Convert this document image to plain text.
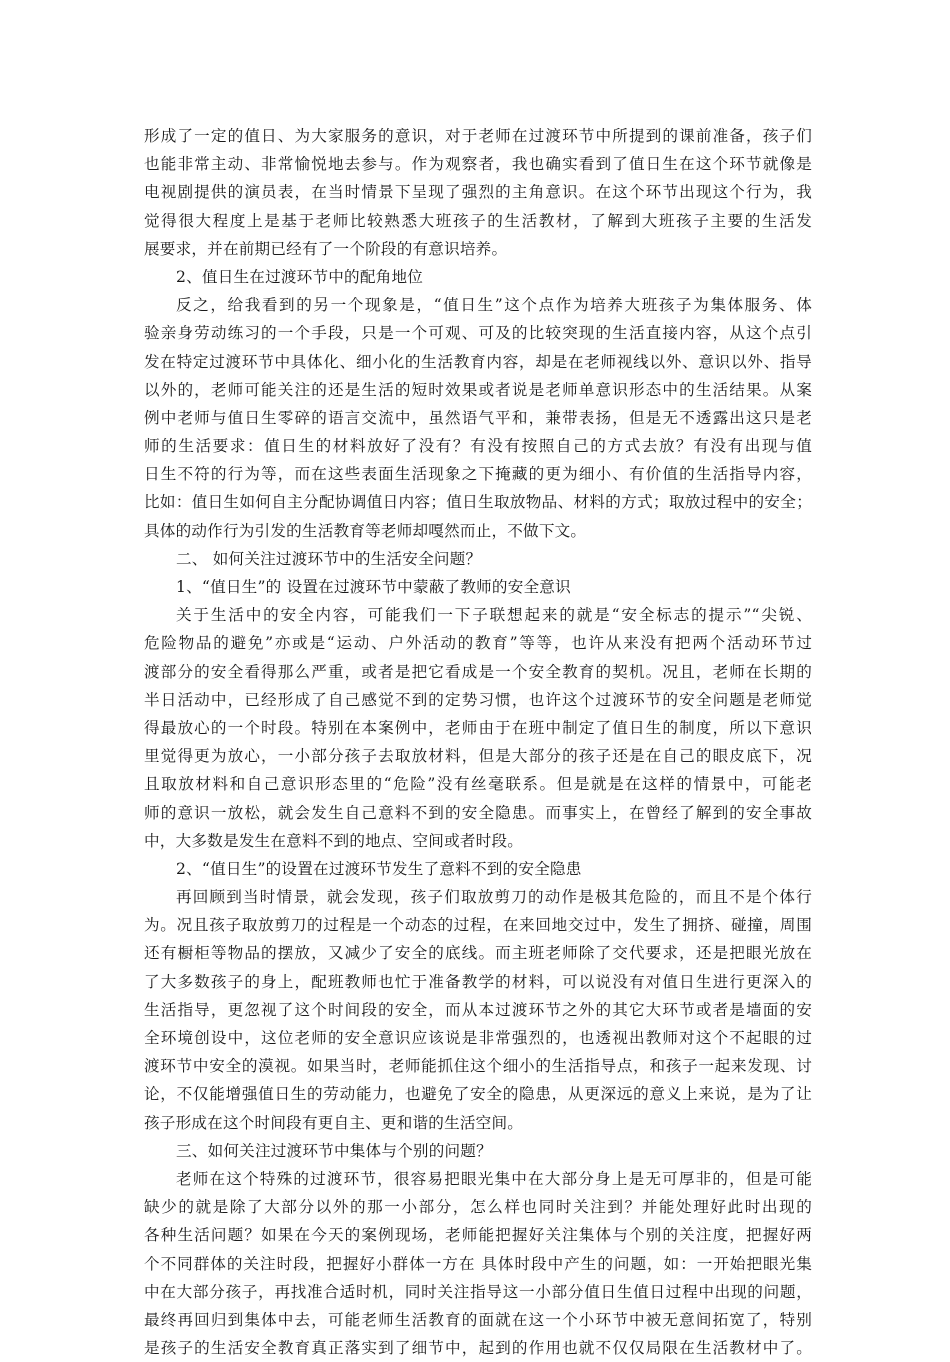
形成了一定的值日、为大家服务的意识，对于老师在过渡环节中所提到的课前准备，孩子们
也能非常主动、非常愉悦地去参与。作为观察者，我也确实看到了值日生在这个环节就像是
电视剧提供的演员表，在当时情景下呈现了强烈的主角意识。在这个环节出现这个行为，我
觉得很大程度上是基于老师比较熟悉大班孩子的生活教材，了解到大班孩子主要的生活发
展要求，并在前期已经有了一个阶段的有意识培养。
2、值日生在过渡环节中的配角地位
反之，给我看到的另一个现象是，“值日生”这个点作为培养大班孩子为集体服务、体
验亲身劳动练习的一个手段，只是一个可观、可及的比较突现的生活直接内容，从这个点引
发在特定过渡环节中具体化、细小化的生活教育内容，却是在老师视线以外、意识以外、指导
以外的，老师可能关注的还是生活的短时效果或者说是老师单意识形态中的生活结果。从案
例中老师与值日生零碎的语言交流中，虽然语气平和，兼带表扬，但是无不透露出这只是老
师的生活要求：值日生的材料放好了没有？有没有按照自己的方式去放？有没有出现与值
日生不符的行为等，而在这些表面生活现象之下掩藏的更为细小、有价值的生活指导内容，
比如：值日生如何自主分配协调值日内容；值日生取放物品、材料的方式；取放过程中的安全；
具体的动作行为引发的生活教育等老师却嘎然而止，不做下文。
二、 如何关注过渡环节中的生活安全问题？
1、“值日生”的 设置在过渡环节中蒙蔽了教师的安全意识
关于生活中的安全内容，可能我们一下子联想起来的就是“安全标志的提示”“尖锐、
危险物品的避免”亦或是“运动、户外活动的教育”等等，也许从来没有把两个活动环节过
渡部分的安全看得那么严重，或者是把它看成是一个安全教育的契机。况且，老师在长期的
半日活动中，已经形成了自己感觉不到的定势习惯，也许这个过渡环节的安全问题是老师觉
得最放心的一个时段。特别在本案例中，老师由于在班中制定了值日生的制度，所以下意识
里觉得更为放心，一小部分孩子去取放材料，但是大部分的孩子还是在自己的眼皮底下，况
且取放材料和自己意识形态里的“危险”没有丝毫联系。但是就是在这样的情景中，可能老
师的意识一放松，就会发生自己意料不到的安全隐患。而事实上，在曾经了解到的安全事故
中，大多数是发生在意料不到的地点、空间或者时段。
2、“值日生”的设置在过渡环节发生了意料不到的安全隐患
再回顾到当时情景，就会发现，孩子们取放剪刀的动作是极其危险的，而且不是个体行
为。况且孩子取放剪刀的过程是一个动态的过程，在来回地交过中，发生了拥挤、碰撞，周围
还有橱柜等物品的摆放，又减少了安全的底线。而主班老师除了交代要求，还是把眼光放在
了大多数孩子的身上，配班教师也忙于准备教学的材料，可以说没有对值日生进行更深入的
生活指导，更忽视了这个时间段的安全，而从本过渡环节之外的其它大环节或者是墙面的安
全环境创设中，这位老师的安全意识应该说是非常强烈的，也透视出教师对这个不起眼的过
渡环节中安全的漠视。如果当时，老师能抓住这个细小的生活指导点，和孩子一起来发现、讨
论，不仅能增强值日生的劳动能力，也避免了安全的隐患，从更深远的意义上来说，是为了让
孩子形成在这个时间段有更自主、更和谐的生活空间。
三、如何关注过渡环节中集体与个别的问题？
老师在这个特殊的过渡环节，很容易把眼光集中在大部分身上是无可厚非的，但是可能
缺少的就是除了大部分以外的那一小部分，怎么样也同时关注到？并能处理好此时出现的
各种生活问题？如果在今天的案例现场，老师能把握好关注集体与个别的关注度，把握好两
个不同群体的关注时段，把握好小群体一方在 具体时段中产生的问题，如：一开始把眼光集
中在大部分孩子，再找准合适时机，同时关注指导这一小部分值日生值日过程中出现的问题，
最终再回归到集体中去，可能老师生活教育的面就在这一个小环节中被无意间拓宽了，特别
是孩子的生活安全教育真正落实到了细节中，起到的作用也就不仅仅局限在生活教材中了。
